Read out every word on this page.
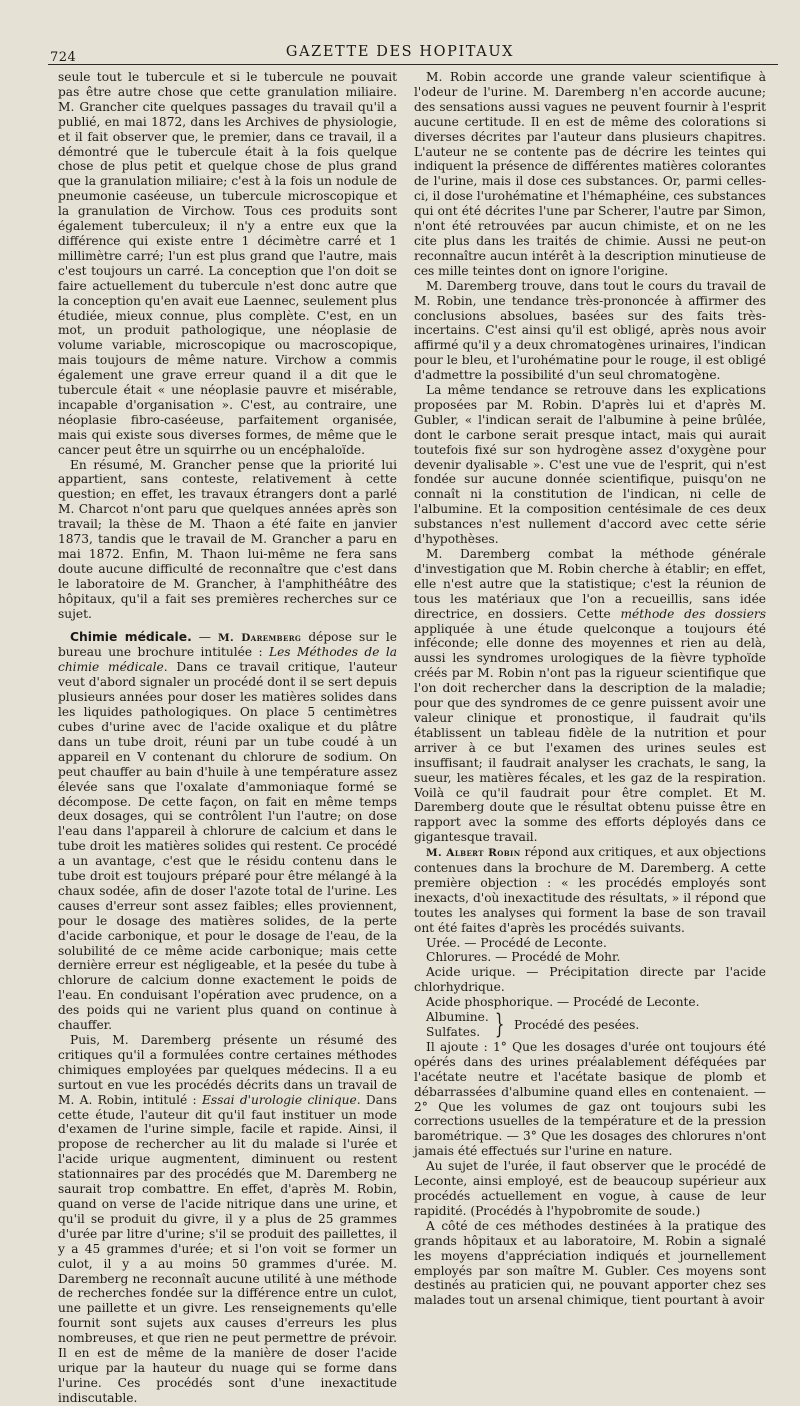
724	GAZETTE DES HOPITAUX

seule tout le tubercule et si le tubercule ne pouvait pas être autre chose que cette granulation miliaire. M. Grancher cite quelques passages du travail qu'il a publié, en mai 1872, dans les Archives de physiologie, et il fait observer que, le premier, dans ce travail, il a démontré que le tubercule était à la fois quelque chose de plus petit et quelque chose de plus grand que la granulation miliaire; c'est à la fois un nodule de pneumonie caséeuse, un tubercule microscopique et la granulation de Virchow. Tous ces produits sont également tuberculeux; il n'y a entre eux que la différence qui existe entre 1 décimètre carré et 1 millimètre carré; l'un est plus grand que l'autre, mais c'est toujours un carré. La conception que l'on doit se faire actuellement du tubercule n'est donc autre que la conception qu'en avait eue Laennec, seulement plus étudiée, mieux connue, plus complète. C'est, en un mot, un produit pathologique, une néoplasie de volume variable, microscopique ou macroscopique, mais toujours de même nature. Virchow a commis également une grave erreur quand il a dit que le tubercule était « une néoplasie pauvre et misérable, incapable d'organisation ». C'est, au contraire, une néoplasie fibro-caséeuse, parfaitement organisée, mais qui existe sous diverses formes, de même que le cancer peut être un squirrhe ou un encéphaloïde.

En résumé, M. Grancher pense que la priorité lui appartient, sans conteste, relativement à cette question; en effet, les travaux étrangers dont a parlé M. Charcot n'ont paru que quelques années après son travail; la thèse de M. Thaon a été faite en janvier 1873, tandis que le travail de M. Grancher a paru en mai 1872. Enfin, M. Thaon lui-même ne fera sans doute aucune difficulté de reconnaître que c'est dans le laboratoire de M. Grancher, à l'amphithéâtre des hôpitaux, qu'il a fait ses premières recherches sur ce sujet.

Chimie médicale. — M. Daremberg dépose sur le bureau une brochure intitulée : Les Méthodes de la chimie médicale. Dans ce travail critique, l'auteur veut d'abord signaler un procédé dont il se sert depuis plusieurs années pour doser les matières solides dans les liquides pathologiques. On place 5 centimètres cubes d'urine avec de l'acide oxalique et du plâtre dans un tube droit, réuni par un tube coudé à un appareil en V contenant du chlorure de sodium. On peut chauffer au bain d'huile à une température assez élevée sans que l'oxalate d'ammoniaque formé se décompose. De cette façon, on fait en même temps deux dosages, qui se contrôlent l'un l'autre; on dose l'eau dans l'appareil à chlorure de calcium et dans le tube droit les matières solides qui restent. Ce procédé a un avantage, c'est que le résidu contenu dans le tube droit est toujours préparé pour être mélangé à la chaux sodée, afin de doser l'azote total de l'urine. Les causes d'erreur sont assez faibles; elles proviennent, pour le dosage des matières solides, de la perte d'acide carbonique, et pour le dosage de l'eau, de la solubilité de ce même acide carbonique; mais cette dernière erreur est négligeable, et la pesée du tube à chlorure de calcium donne exactement le poids de l'eau. En conduisant l'opération avec prudence, on a des poids qui ne varient plus quand on continue à chauffer.

Puis, M. Daremberg présente un résumé des critiques qu'il a formulées contre certaines méthodes chimiques employées par quelques médecins. Il a eu surtout en vue les procédés décrits dans un travail de M. A. Robin, intitulé : Essai d'urologie clinique. Dans cette étude, l'auteur dit qu'il faut instituer un mode d'examen de l'urine simple, facile et rapide. Ainsi, il propose de rechercher au lit du malade si l'urée et l'acide urique augmentent, diminuent ou restent stationnaires par des procédés que M. Daremberg ne saurait trop combattre. En effet, d'après M. Robin, quand on verse de l'acide nitrique dans une urine, et qu'il se produit du givre, il y a plus de 25 grammes d'urée par litre d'urine; s'il se produit des paillettes, il y a 45 grammes d'urée; et si l'on voit se former un culot, il y a au moins 50 grammes d'urée. M. Daremberg ne reconnaît aucune utilité à une méthode de recherches fondée sur la différence entre un culot, une paillette et un givre. Les renseignements qu'elle fournit sont sujets aux causes d'erreurs les plus nombreuses, et que rien ne peut permettre de prévoir. Il en est de même de la manière de doser l'acide urique par la hauteur du nuage qui se forme dans l'urine. Ces procédés sont d'une inexactitude indiscutable.

M. Robin accorde une grande valeur scientifique à l'odeur de l'urine. M. Daremberg n'en accorde aucune; des sensations aussi vagues ne peuvent fournir à l'esprit aucune certitude. Il en est de même des colorations si diverses décrites par l'auteur dans plusieurs chapitres. L'auteur ne se contente pas de décrire les teintes qui indiquent la présence de différentes matières colorantes de l'urine, mais il dose ces substances. Or, parmi celles-ci, il dose l'urohématine et l'hémaphéine, ces substances qui ont été décrites l'une par Scherer, l'autre par Simon, n'ont été retrouvées par aucun chimiste, et on ne les cite plus dans les traités de chimie. Aussi ne peut-on reconnaître aucun intérêt à la description minutieuse de ces mille teintes dont on ignore l'origine.

M. Daremberg trouve, dans tout le cours du travail de M. Robin, une tendance très-prononcée à affirmer des conclusions absolues, basées sur des faits très-incertains. C'est ainsi qu'il est obligé, après nous avoir affirmé qu'il y a deux chromatogènes urinaires, l'indican pour le bleu, et l'urohématine pour le rouge, il est obligé d'admettre la possibilité d'un seul chromatogène.

La même tendance se retrouve dans les explications proposées par M. Robin. D'après lui et d'après M. Gubler, « l'indican serait de l'albumine à peine brûlée, dont le carbone serait presque intact, mais qui aurait toutefois fixé sur son hydrogène assez d'oxygène pour devenir dyalisable ». C'est une vue de l'esprit, qui n'est fondée sur aucune donnée scientifique, puisqu'on ne connaît ni la constitution de l'indican, ni celle de l'albumine. Et la composition centésimale de ces deux substances n'est nullement d'accord avec cette série d'hypothèses.

M. Daremberg combat la méthode générale d'investigation que M. Robin cherche à établir; en effet, elle n'est autre que la statistique; c'est la réunion de tous les matériaux que l'on a recueillis, sans idée directrice, en dossiers. Cette méthode des dossiers appliquée à une étude quelconque a toujours été inféconde; elle donne des moyennes et rien au delà, aussi les syndromes urologiques de la fièvre typhoïde créés par M. Robin n'ont pas la rigueur scientifique que l'on doit rechercher dans la description de la maladie; pour que des syndromes de ce genre puissent avoir une valeur clinique et pronostique, il faudrait qu'ils établissent un tableau fidèle de la nutrition et pour arriver à ce but l'examen des urines seules est insuffisant; il faudrait analyser les crachats, le sang, la sueur, les matières fécales, et les gaz de la respiration. Voilà ce qu'il faudrait pour être complet. Et M. Daremberg doute que le résultat obtenu puisse être en rapport avec la somme des efforts déployés dans ce gigantesque travail.

M. Albert Robin répond aux critiques, et aux objections contenues dans la brochure de M. Daremberg. A cette première objection : « les procédés employés sont inexacts, d'où inexactitude des résultats, » il répond que toutes les analyses qui forment la base de son travail ont été faites d'après les procédés suivants.

Urée. — Procédé de Leconte.

Chlorures. — Procédé de Mohr.

Acide urique. — Précipitation directe par l'acide chlorhydrique.

Acide phosphorique. — Procédé de Leconte.

Albumine.
Sulfates. } Procédé des pesées.

Il ajoute : 1° Que les dosages d'urée ont toujours été opérés dans des urines préalablement déféquées par l'acétate neutre et l'acétate basique de plomb et débarrassées d'albumine quand elles en contenaient. — 2° Que les volumes de gaz ont toujours subi les corrections usuelles de la température et de la pression barométrique. — 3° Que les dosages des chlorures n'ont jamais été effectués sur l'urine en nature.

Au sujet de l'urée, il faut observer que le procédé de Leconte, ainsi employé, est de beaucoup supérieur aux procédés actuellement en vogue, à cause de leur rapidité. (Procédés à l'hypobromite de soude.)

A côté de ces méthodes destinées à la pratique des grands hôpitaux et au laboratoire, M. Robin a signalé les moyens d'appréciation indiqués et journellement employés par son maître M. Gubler. Ces moyens sont destinés au praticien qui, ne pouvant apporter chez ses malades tout un arsenal chimique, tient pourtant à avoir
